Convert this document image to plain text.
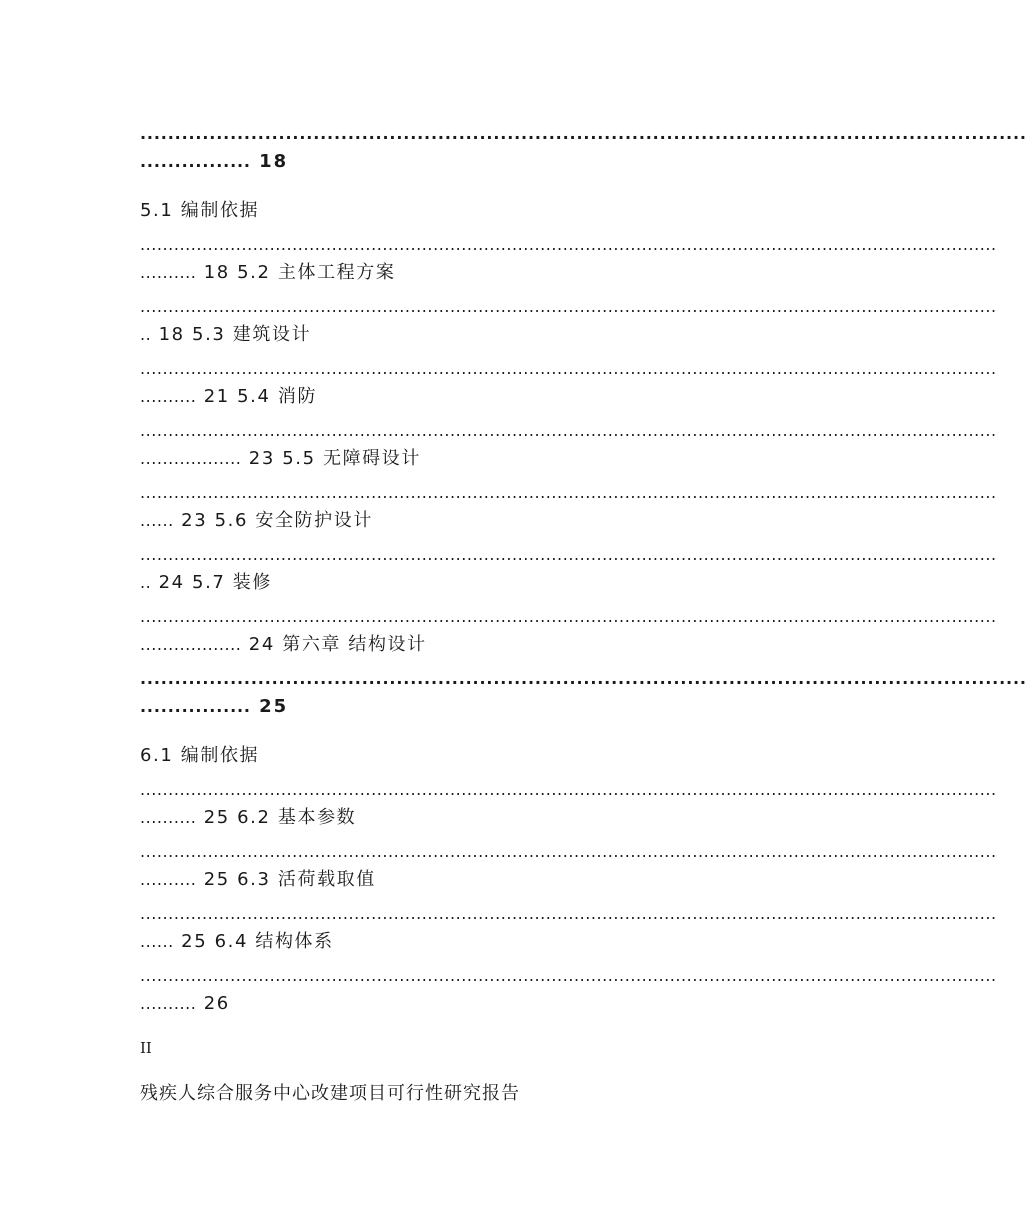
................................................................................................................................
................ 18
5.1 编制依据
........................................................................................................................................................
.......... 18 5.2 主体工程方案
........................................................................................................................................................
.. 18 5.3 建筑设计
........................................................................................................................................................
.......... 21 5.4 消防
........................................................................................................................................................
.................. 23 5.5 无障碍设计
........................................................................................................................................................
...... 23 5.6 安全防护设计
........................................................................................................................................................
.. 24 5.7 装修
........................................................................................................................................................
.................. 24 第六章 结构设计
................................................................................................................................
................ 25
6.1 编制依据
........................................................................................................................................................
.......... 25 6.2 基本参数
........................................................................................................................................................
.......... 25 6.3 活荷载取值
........................................................................................................................................................
...... 25 6.4 结构体系
........................................................................................................................................................
.......... 26
II
残疾人综合服务中心改建项目可行性研究报告
